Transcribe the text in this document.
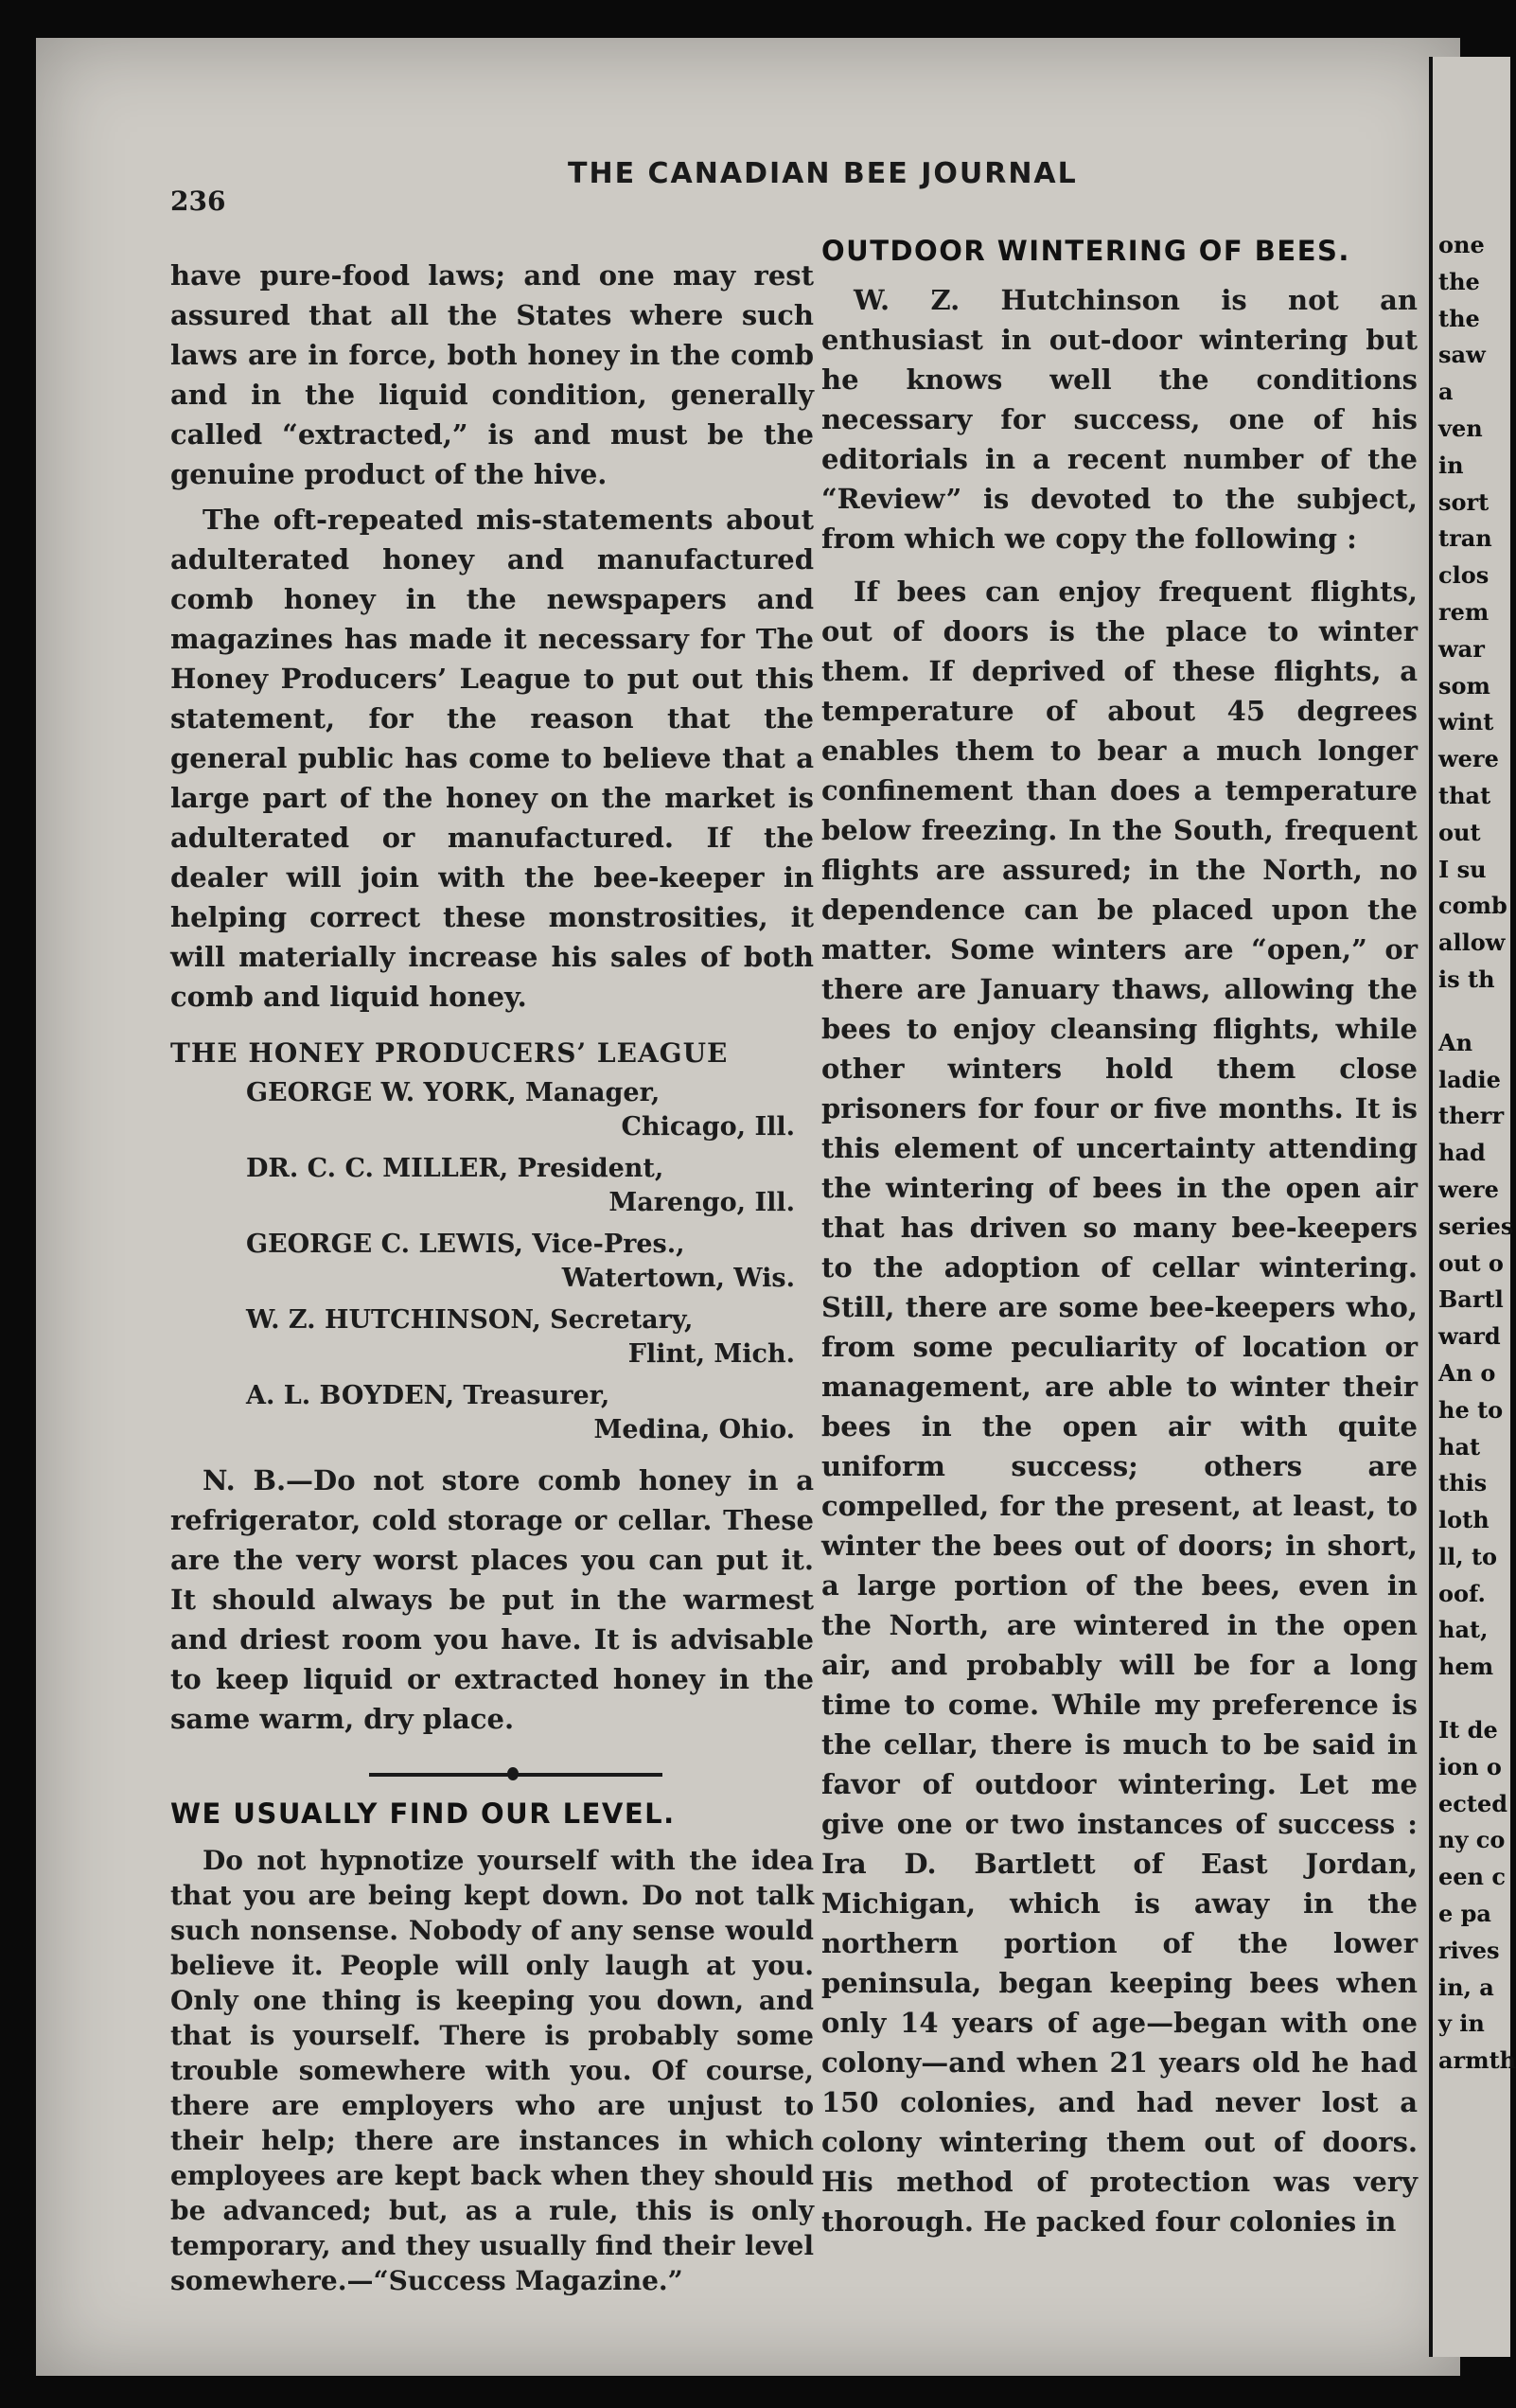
236
THE CANADIAN BEE JOURNAL

have pure-food laws; and one may rest assured that all the States where such laws are in force, both honey in the comb and in the liquid condition, generally called “extracted,” is and must be the genuine product of the hive.

The oft-repeated mis-statements about adulterated honey and manufactured comb honey in the newspapers and magazines has made it necessary for The Honey Producers’ League to put out this statement, for the reason that the general public has come to believe that a large part of the honey on the market is adulterated or manufactured. If the dealer will join with the bee-keeper in helping correct these monstrosities, it will materially increase his sales of both comb and liquid honey.

THE HONEY PRODUCERS’ LEAGUE
GEORGE W. YORK, Manager,
Chicago, Ill.
DR. C. C. MILLER, President,
Marengo, Ill.
GEORGE C. LEWIS, Vice-Pres.,
Watertown, Wis.
W. Z. HUTCHINSON, Secretary,
Flint, Mich.
A. L. BOYDEN, Treasurer,
Medina, Ohio.

N. B.—Do not store comb honey in a refrigerator, cold storage or cellar. These are the very worst places you can put it. It should always be put in the warmest and driest room you have. It is advisable to keep liquid or extracted honey in the same warm, dry place.

WE USUALLY FIND OUR LEVEL.

Do not hypnotize yourself with the idea that you are being kept down. Do not talk such nonsense. Nobody of any sense would believe it. People will only laugh at you. Only one thing is keeping you down, and that is yourself. There is probably some trouble somewhere with you. Of course, there are employers who are unjust to their help; there are instances in which employees are kept back when they should be advanced; but, as a rule, this is only temporary, and they usually find their level somewhere.—“Success Magazine.”

OUTDOOR WINTERING OF BEES.

W. Z. Hutchinson is not an enthusiast in out-door wintering but he knows well the conditions necessary for success, one of his editorials in a recent number of the “Review” is devoted to the subject, from which we copy the following :

If bees can enjoy frequent flights, out of doors is the place to winter them. If deprived of these flights, a temperature of about 45 degrees enables them to bear a much longer confinement than does a temperature below freezing. In the South, frequent flights are assured; in the North, no dependence can be placed upon the matter. Some winters are “open,” or there are January thaws, allowing the bees to enjoy cleansing flights, while other winters hold them close prisoners for four or five months. It is this element of uncertainty attending the wintering of bees in the open air that has driven so many bee-keepers to the adoption of cellar wintering. Still, there are some bee-keepers who, from some peculiarity of location or management, are able to winter their bees in the open air with quite uniform success; others are compelled, for the present, at least, to winter the bees out of doors; in short, a large portion of the bees, even in the North, are wintered in the open air, and probably will be for a long time to come. While my preference is the cellar, there is much to be said in favor of outdoor wintering. Let me give one or two instances of success : Ira D. Bartlett of East Jordan, Michigan, which is away in the northern portion of the lower peninsula, began keeping bees when only 14 years of age—began with one colony—and when 21 years old he had 150 colonies, and had never lost a colony wintering them out of doors. His method of protection was very thorough. He packed four colonies in

one
the
the
saw
a
ven
in
sort
tran
clos
rem
war
som
wint
were
that
out
I su
comb
allow
is th
An
ladie
therr
had
were
series
out o
Bartl
ward
An o
he to
hat
this
loth
ll, to
oof.
hat,
hem
It de
ion o
ected
ny co
een c
e pa
rives
in, a
y in
armth
